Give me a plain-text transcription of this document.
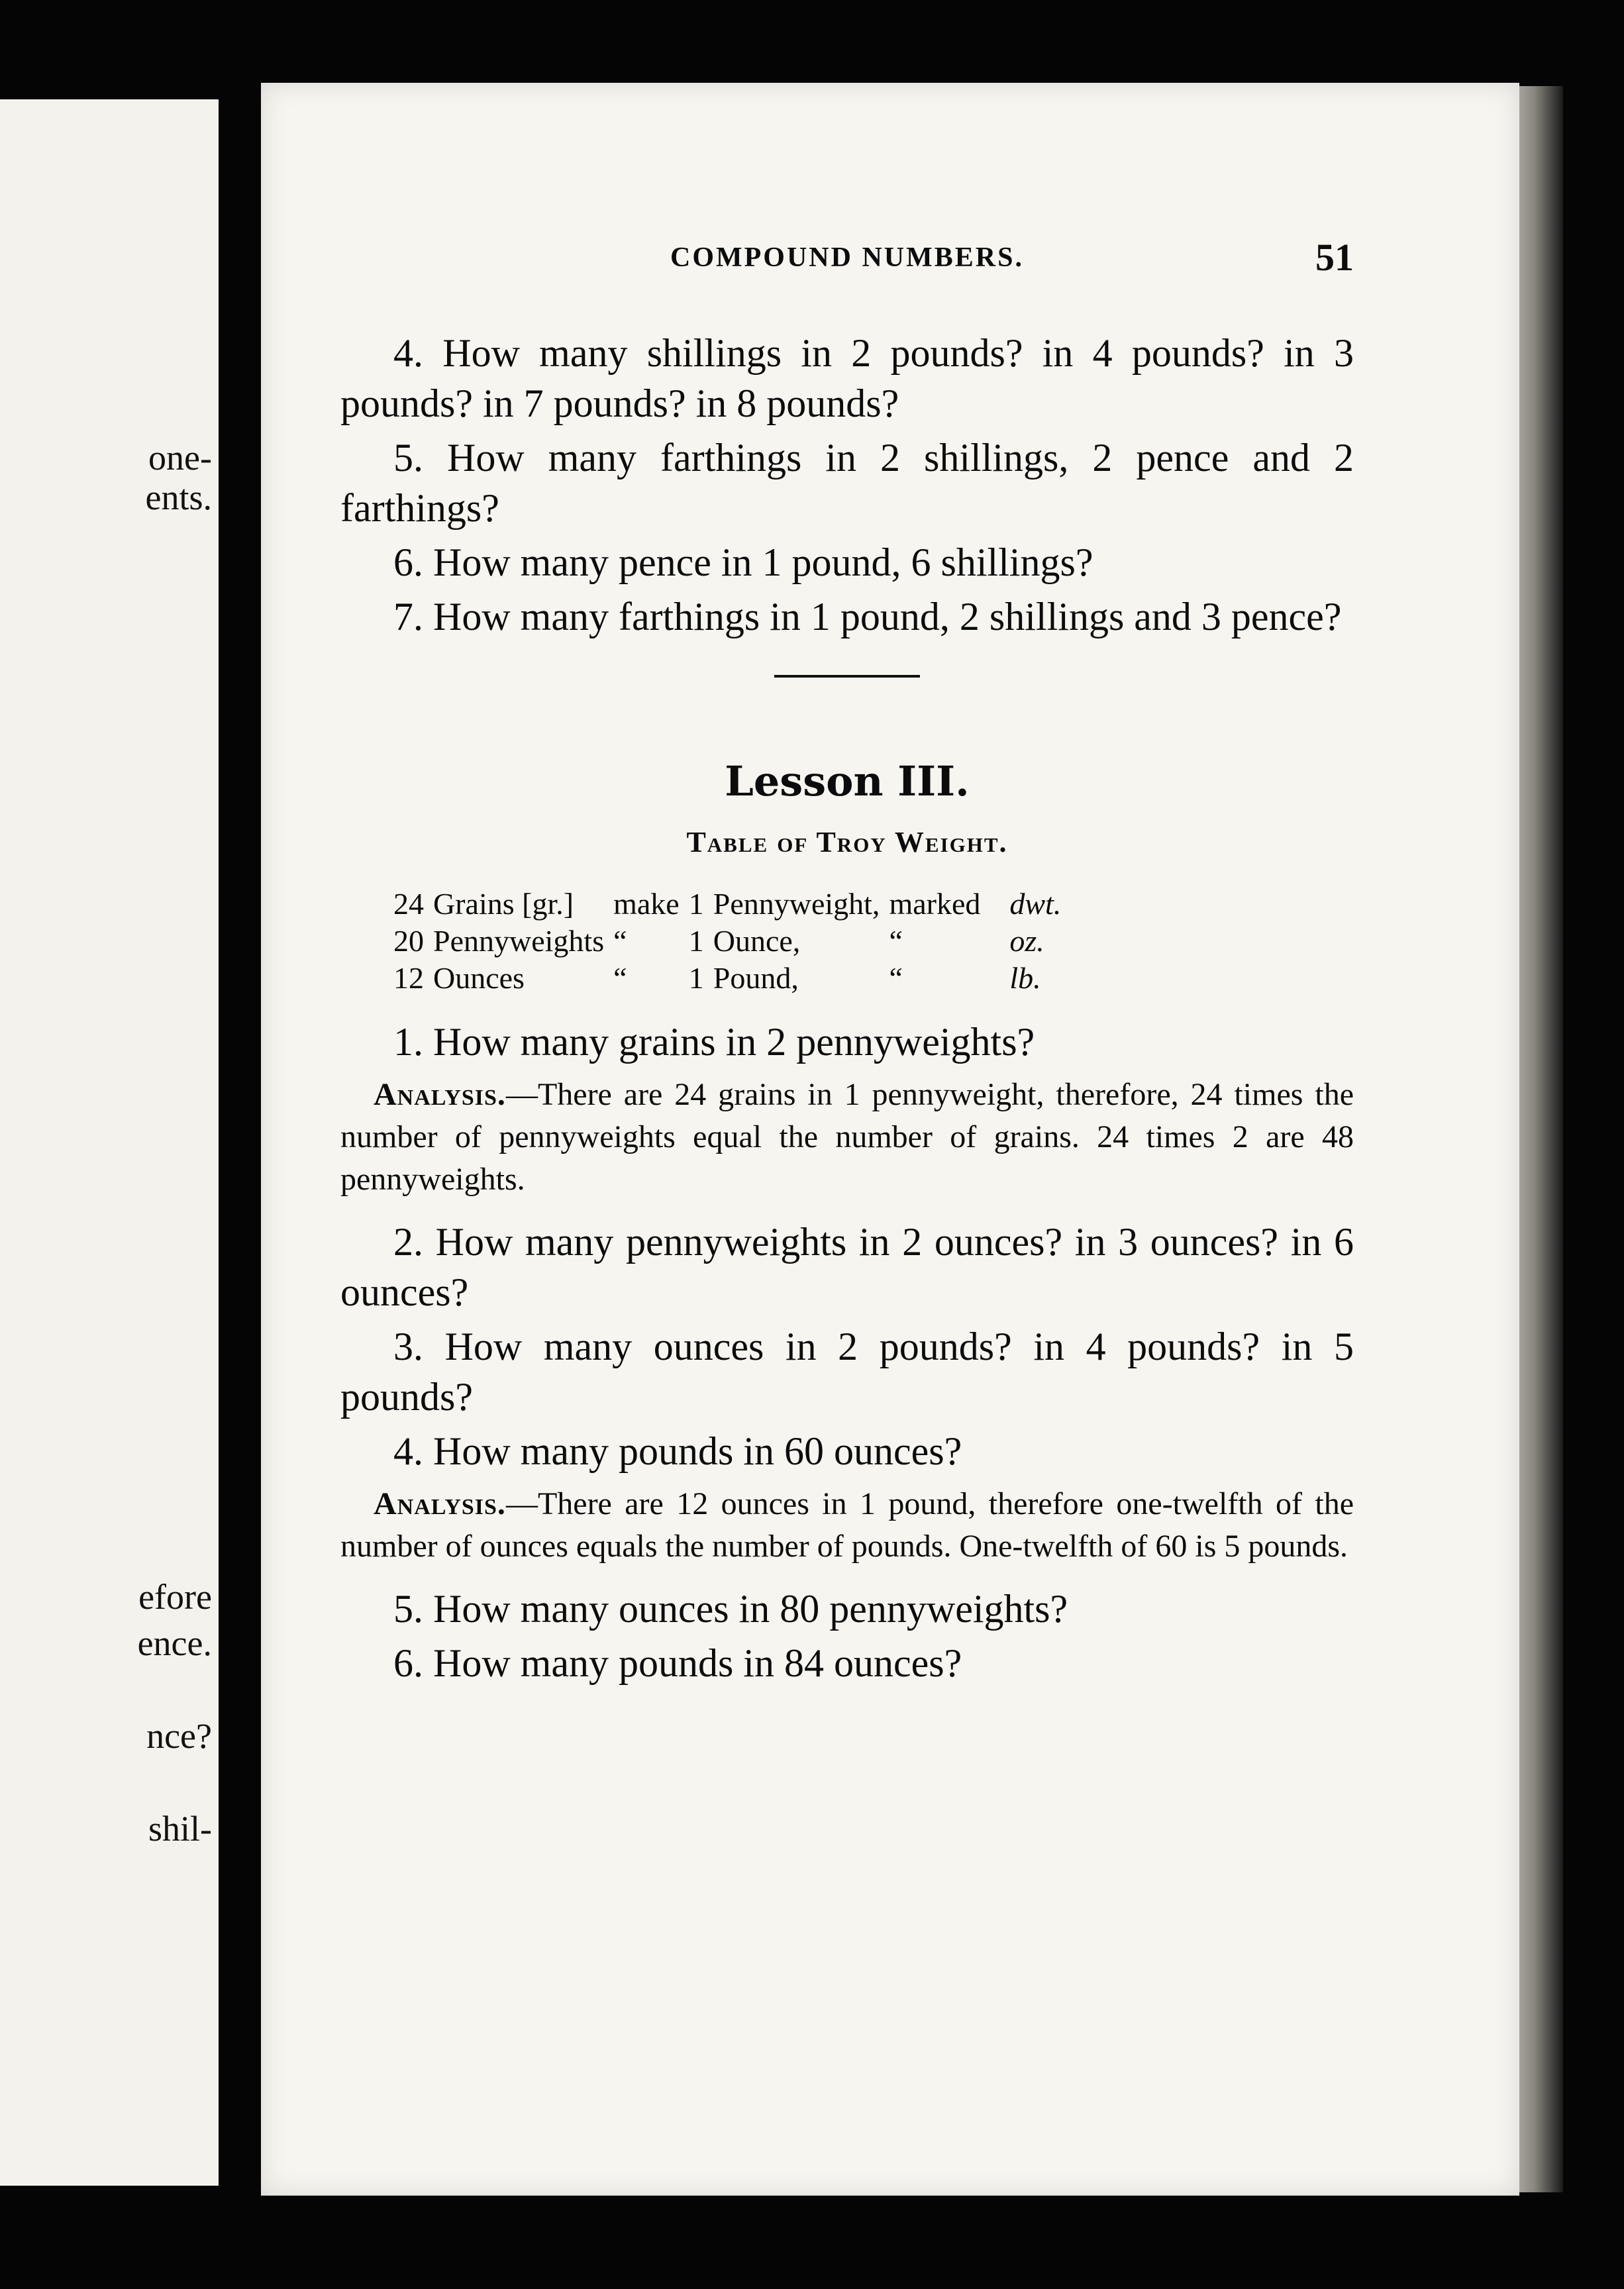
one-
ents.
efore
ence.
nce?
shil-
COMPOUND NUMBERS.	51

4. How many shillings in 2 pounds? in 4 pounds? in 3 pounds? in 7 pounds? in 8 pounds?

5. How many farthings in 2 shillings, 2 pence and 2 farthings?

6. How many pence in 1 pound, 6 shillings?

7. How many farthings in 1 pound, 2 shillings and 3 pence?

Lesson III.
Table of Troy Weight.
24	Grains [gr.]	make	1	Pennyweight,	marked	dwt.
20	Pennyweights	“	1	Ounce,	“	oz.
12	Ounces	“	1	Pound,	“	lb.

1. How many grains in 2 pennyweights?

Analysis.—There are 24 grains in 1 pennyweight, therefore, 24 times the number of pennyweights equal the number of grains. 24 times 2 are 48 pennyweights.

2. How many pennyweights in 2 ounces? in 3 ounces? in 6 ounces?

3. How many ounces in 2 pounds? in 4 pounds? in 5 pounds?

4. How many pounds in 60 ounces?

Analysis.—There are 12 ounces in 1 pound, therefore one-twelfth of the number of ounces equals the number of pounds. One-twelfth of 60 is 5 pounds.

5. How many ounces in 80 pennyweights?

6. How many pounds in 84 ounces?
